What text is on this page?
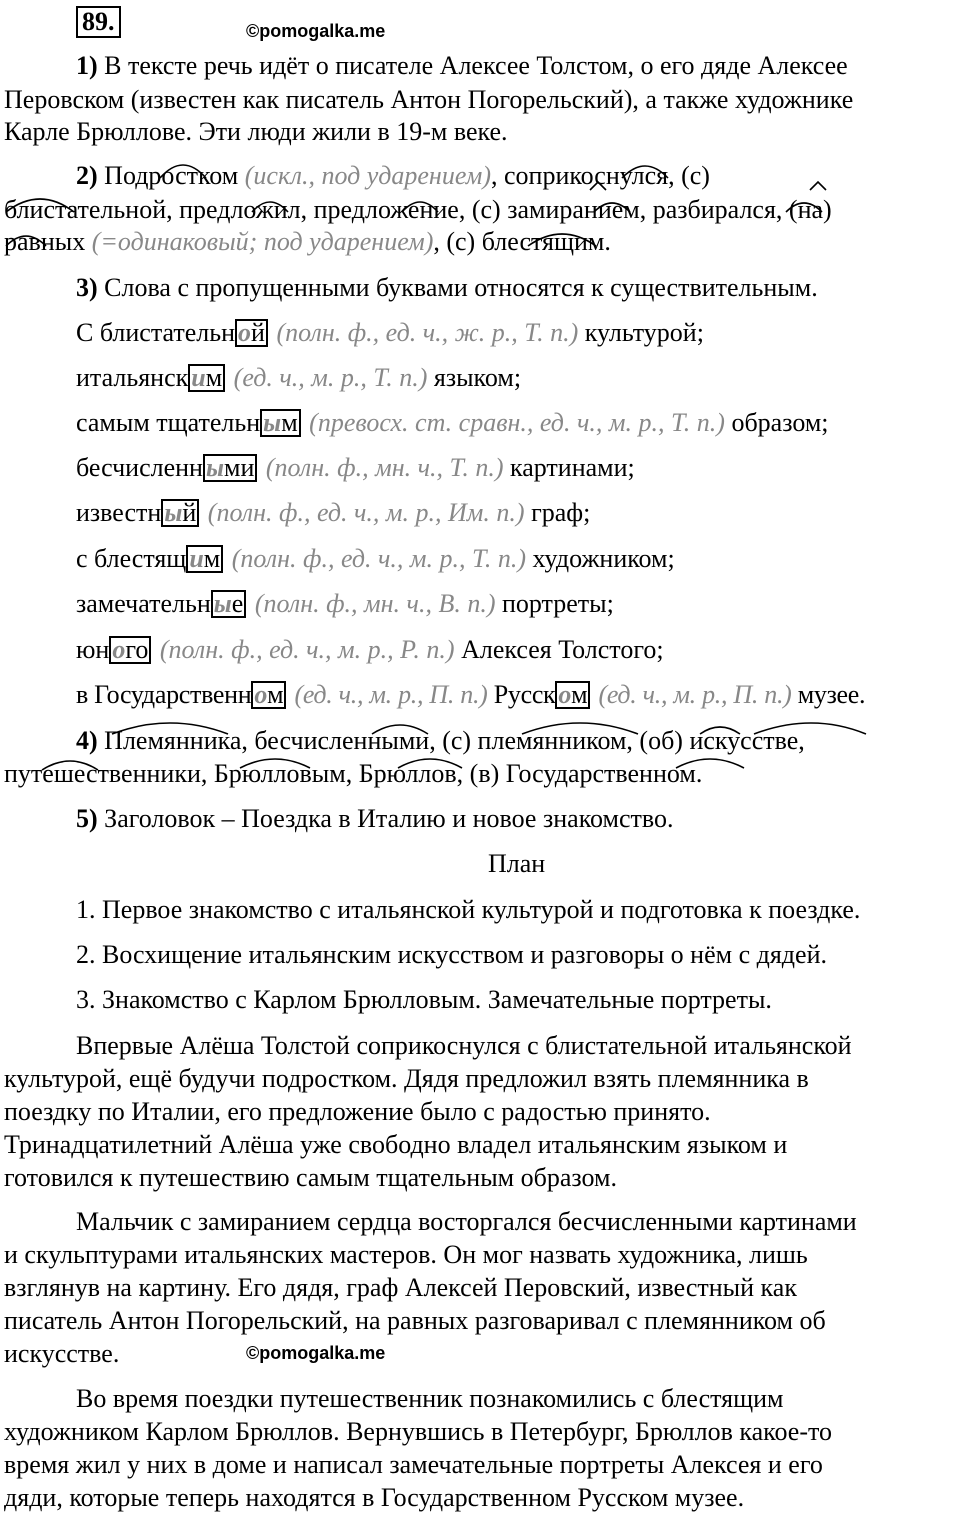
89.	©pomogalka.me
1) В тексте речь идёт о писателе Алексее Толстом, о его дяде Алексее
Перовском (известен как писатель Антон Погорельский), а также художнике
Карле Брюллове. Эти люди жили в 19-м веке.
2) Подростком (искл., под ударением), соприкоснулся, (с)
блистательной, предложил, предложение, (с) замиранием, разбирался, (на)
равных (=одинаковый; под ударением), (с) блестящим.
3) Слова с пропущенными буквами относятся к существительным.
С блистательн ой (полн. ф., ед. ч., ж. р., Т. п.) культурой;
итальянск им (ед. ч., м. р., Т. п.) языком;
самым тщательн ым (превосх. ст. сравн., ед. ч., м. р., Т. п.) образом;
бесчисленн ыми (полн. ф., мн. ч., Т. п.) картинами;
известн ый (полн. ф., ед. ч., м. р., Им. п.) граф;
с блестящ им (полн. ф., ед. ч., м. р., Т. п.) художником;
замечательн ые (полн. ф., мн. ч., В. п.) портреты;
юн ого (полн. ф., ед. ч., м. р., Р. п.) Алексея Толстого;
в Государственн ом (ед. ч., м. р., П. п.) Русск ом (ед. ч., м. р., П. п.) музее.
4) Племянника, бесчисленными, (с) племянником, (об) искусстве,
путешественники, Брюлловым, Брюллов, (в) Государственном.
5) Заголовок – Поездка в Италию и новое знакомство.
План
1. Первое знакомство с итальянской культурой и подготовка к поездке.
2. Восхищение итальянским искусством и разговоры о нём с дядей.
3. Знакомство с Карлом Брюлловым. Замечательные портреты.
Впервые Алёша Толстой соприкоснулся с блистательной итальянской
культурой, ещё будучи подростком. Дядя предложил взять племянника в
поездку по Италии, его предложение было с радостью принято.
Тринадцатилетний Алёша уже свободно владел итальянским языком и
готовился к путешествию самым тщательным образом.
Мальчик с замиранием сердца восторгался бесчисленными картинами
и скульптурами итальянских мастеров. Он мог назвать художника, лишь
взглянув на картину. Его дядя, граф Алексей Перовский, известный как
писатель Антон Погорельский, на равных разговаривал с племянником об
искусстве.	©pomogalka.me
Во время поездки путешественник познакомились с блестящим
художником Карлом Брюллов. Вернувшись в Петербург, Брюллов какое-то
время жил у них в доме и написал замечательные портреты Алексея и его
дяди, которые теперь находятся в Государственном Русском музее.
